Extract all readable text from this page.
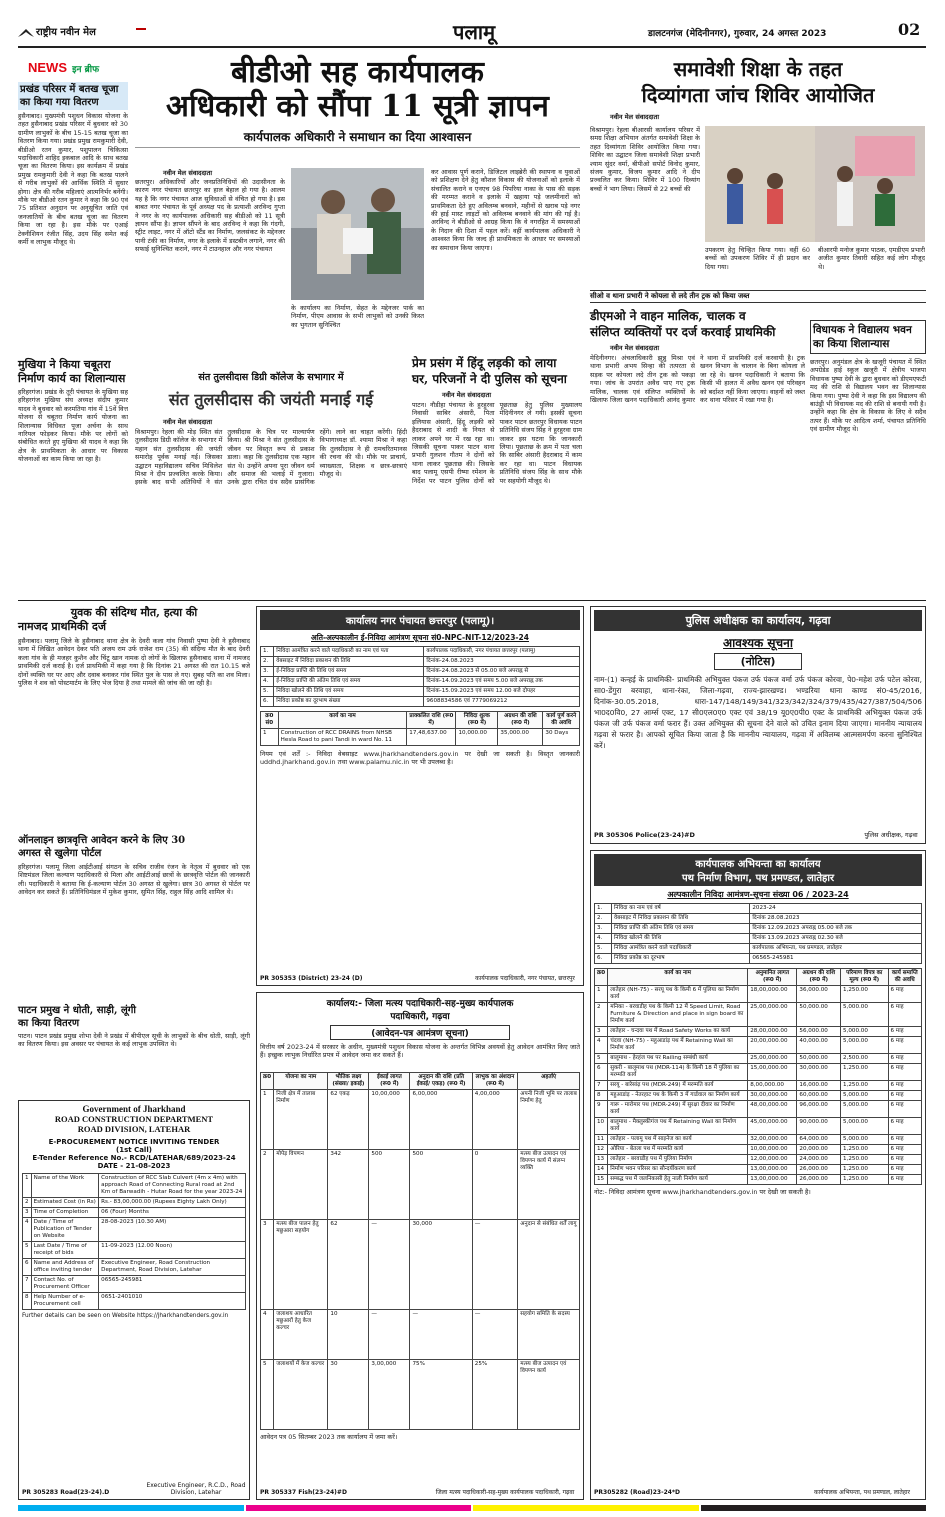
राष्ट्रीय नवीन मेल	पलामू	डालटनगंज (मेदिनीनगर), गुरुवार, 24 अगस्त 2023	02
NEWS इन ब्रीफ
प्रखंड परिसर में बतख चूजा का किया गया वितरण
हुसैनाबाद। मुख्यमंत्री पशुधन विकास योजना के तहत हुसैनाबाद प्रखंड परिसर में बुधवार को 30 ग्रामीण लाभुकों के बीच 15-15 बतख चूजा का वितरण किया गया। प्रखंड प्रमुख रामकुमारी देवी, बीडीओ रतन कुमार, पशुपालन चिकित्सा पदाधिकारी शाहिद इकबाल आदि के साथ बतख चूजा का वितरण किया। इस कार्यक्रम में प्रखंड प्रमुख रामकुमारी देवी ने कहा कि बतख पालने से गरीब लाभुकों की आर्थिक स्थिति में सुधार होगा। क्षेत्र की गरीब महिलाएं आत्मनिर्भर बनेंगी। मौके पर बीडीओ रतन कुमार ने कहा कि 90 एवं 75 प्रतिशत अनुदान पर अनुसूचित जाति एवं जनजातियों के बीच बतख चूजा का वितरण किया जा रहा है। इस मौके पर एआई टेक्नीशियन रंजीत सिंह, उदय सिंह समेत कई कर्मी व लाभुक मौजूद थे।
मुखिया ने किया चबूतरा निर्माण कार्य का शिलान्यास
हरिहरगंज। प्रखंड के तूरी पंचायत के मुखिया सह हरिहरगंज मुखिया संघ अध्यक्ष संदीप कुमार यादव ने बुधवार को करमतिया गांव में 15वें वित्त योजना से चबूतरा निर्माण कार्य योजना का शिलान्यास विधिवत पूजा अर्चना के साथ नारियल फोड़कर किया। मौके पर लोगों को संबोधित करते हुए मुखिया श्री यादव ने कहा कि क्षेत्र के प्राथमिकता के आधार पर विकास योजनाओं का काम किया जा रहा है।
बीडीओ सह कार्यपालक
अधिकारी को सौंपा 11 सूत्री ज्ञापन
कार्यपालक अधिकारी ने समाधान का दिया आश्वासन
नवीन मेल संवाददाता
छतरपुर। अधिकारियों और जनप्रतिनिधियों की उदासीनता के कारण नगर पंचायत छतरपुर का हाल बेहाल हो गया है। आलम यह है कि नगर पंचायत आज सुविधाओं से वंचित हो गया है। इस बाबत नगर पंचायत के पूर्व अध्यक्ष पद के प्रत्याशी अरविन्द गुप्ता ने नगर के नए कार्यपालक अधिकारी सह बीडीओ को 11 सूत्री ज्ञापन सौंपा है। ज्ञापन सौंपने के बाद अरविन्द ने कहा कि गंदगी, स्ट्रीट लाइट, नगर में ऑटो स्टैंड का निर्माण, जलसंकट के मद्देनजर पानी टंकी का निर्माण, नगर के इलाके में डस्टबीन लगाने, नगर की सफाई सुनिश्चित कराने, नगर में टाउनहाल और नगर पंचायत
के कार्यालय का निर्माण, सेहत के मद्देनजर पार्क का निर्माण, पीएम आवास के सभी लाभुकों को उनकी किस्त का भुगतान सुनिश्चित
कर आवास पूर्ण कराने, डिजिटल लाइब्रेरी की स्थापना व युवाओं को प्रशिक्षण देने हेतु कौशल विकास की योजनाओं को इलाके में संचालित कराने व एनएच 98 पिपरिया नाका के पास की सड़क की मरम्मत कराने व इलाके में खहाया पड़े जलमीनारों को प्राथमिकता देते हुए अविलम्ब बनवाने, महीनों से खराब पड़े नगर की हाई मास्ट लाइटों को अविलम्ब बनवाने की मांग की गई है। अरविन्द ने बीडीओ से आग्रह किया कि वे नगरहित में समस्याओं के निदान की दिशा में पहल करें। वहीं कार्यपालक अधिकारी ने आश्वस्त किया कि जल्द ही प्राथमिकता के आधार पर समस्याओं का समाधान किया जाएगा।
संत तुलसीदास डिग्री कॉलेज के सभागार में
संत तुलसीदास की जयंती मनाई गई
नवीन मेल संवाददाता
विश्रामपुर। रेहला की मोड़ स्थित संत तुलसीदास डिग्री कॉलेज के सभागार में महान संत तुलसीदास की जयंती समारोह पूर्वक मनाई गई। जिसका उद्घाटन महाविद्यालय सचिव मिथिलेश मिश्रा ने दीप प्रज्वलित करके किया। इसके बाद सभी अतिथियों ने संत तुलसीदास के चित्र पर माल्यार्पण किया। श्री मिश्रा ने संत तुलसीदास के जीवन पर विस्तृत रूप से प्रकाश डाला। कहा कि तुलसीदास एक महान संत थे। उन्होंने अपना पूरा जीवन धर्म और समाज की भलाई में गुजारा। उनके द्वारा रचित ग्रंथ सदैव प्रासंगिक रहेंगे। लाने का चाहत करेंगी। हिंदी विभागाध्यक्ष डॉ. श्यामा मिश्रा ने कहा कि तुलसीदास ने ही रामचरितमानस की रचना की थी। मौके पर प्राचार्य, व्याख्याता, शिक्षक व छात्र-छात्राएं मौजूद थे।
प्रेम प्रसंग में हिंदू लड़की को लाया
घर, परिजनों ने दी पुलिस को सूचना
नवीन मेल संवाददाता
पाटन। नौडीहा पंचायत के हुरहुरवा निवासी साबिर अंसारी, पिता इलियास अंसारी, हिंदू लड़की को हैदराबाद से शादी के नियत से लाकर अपने घर में रख रहा था। जिसकी सूचना पाकर पाटन थाना प्रभारी गुलशन गौतम ने दोनों को थाना लाकर पूछताछ की। जिसके बाद पलामू एसपी रीष्मा रमेशन के निर्देश पर पाटन पुलिस दोनों को पूछताछ हेतु पुलिस मुख्यालय मेदिनीनगर ले गयी। इसकी सूचना पाकर पाटन छतरपुर विधायक पाटन प्रतिनिधि संजय सिंह ने हुरहुरवा ग्राम जाकर इस घटना कि जानकारी लिया। पूछताछ के क्रम में पता चला कि साबिर अंसारी हैदराबाद में काम कर रहा था। पाटन विधायक प्रतिनिधि संजय सिंह के साथ मौके पर सहयोगी मौजूद थे।
समावेशी शिक्षा के तहत
दिव्यांगता जांच शिविर आयोजित
नवीन मेल संवाददाता
विश्रामपुर। रेहला बीआरसी कार्यालय परिसर में समग्र शिक्षा अभियान अंतर्गत समावेशी शिक्षा के तहत दिव्यांगता शिविर आयोजित किया गया। शिविर का उद्घाटन जिला समावेशी शिक्षा प्रभारी श्याम सुंदर वर्मा, बीपीओ सपोर्ट विनोद कुमार, संजय कुमार, विजय कुमार आदि ने दीप प्रज्वलित कर किया। शिविर में 100 दिव्यांग बच्चों ने भाग लिया। जिसमें से 22 बच्चों की
उपकरण हेतु चिन्हित किया गया। वहीं 60 बच्चों को उपकरण शिविर में ही प्रदान कर दिया गया।
बीआरपी मनोज कुमार पाठक, एमडीएम प्रभारी अजीत कुमार तिवारी सहित कई लोग मौजूद थे।
सीओ व थाना प्रभारी ने कोयला से लदे तीन ट्रक को किया जब्त
डीएमओ ने वाहन मालिक, चालक व
संलिप्त व्यक्तियों पर दर्ज करवाई प्राथमिकी
नवीन मेल संवाददाता
मेदिनीनगर। अंचलाधिकारी झुन्नु मिश्रा एवं थाना प्रभारी अभय सिन्हा की तत्परता से सड़क पर कोयला लदे तीन ट्रक को पकड़ा गया। जांच के उपरांत अवैध पाए गए ट्रक मालिक, चालक एवं संलिप्त व्यक्तियों के खिलाफ जिला खनन पदाधिकारी आनंद कुमार ने थाना में प्राथमिकी दर्ज करवायी है। ट्रक खनन विभाग के चालान के बिना कोयला ले जा रहे थे। खनन पदाधिकारी ने बताया कि किसी भी हालत में अवैध खनन एवं परिवहन को बर्दाश्त नहीं किया जाएगा। वाहनों को जब्त कर थाना परिसर में रखा गया है।
विधायक ने विद्यालय भवन का किया शिलान्यास
छतरपुर। अनुमंडल क्षेत्र के खजूरी पंचायत में स्थित अपग्रेडेड हाई स्कूल खजूरी में क्षेत्रीय भाजपा विधायक पुष्पा देवी के द्वारा बुधवार को डीएमएफटी मद की राशि से विद्यालय भवन का शिलान्यास किया गया। पुष्पा देवी ने कहा कि इस विद्यालय की बाउंड्री भी विधायक मद की राशि से बनायी गयी है। उन्होंने कहा कि क्षेत्र के विकास के लिए वे सदैव तत्पर हैं। मौके पर आदित्य शर्मा, पंचायत प्रतिनिधि एवं ग्रामीण मौजूद थे।
युवक की संदिग्ध मौत, हत्या की
नामजद प्राथमिकी दर्ज
हुसैनाबाद। पलामू जिले के हुसैनाबाद थाना क्षेत्र के देवरी कला गांव निवासी पुष्पा देवी ने हुसैनाबाद थाना में लिखित आवेदन देकर पति अजय राम उर्फ राजेश राम (35) की संदिग्ध मौत के बाद देवरी कला गांव के ही मजहर कुशैन और चिंटू खान नामक दो लोगों के खिलाफ हुसैनाबाद थाना में नामजद प्राथमिकी दर्ज कराई है। दर्ज प्राथमिकी में कहा गया है कि दिनांक 21 अगस्त की रात 10.15 बजे दोनों व्यक्ति घर पर आए और दवाब बनाकर गांव स्थित पुल के पास ले गए। सुबह पति का शव मिला। पुलिस ने शव को पोस्टमार्टम के लिए भेज दिया है तथा मामले की जांच की जा रही है।
ऑनलाइन छात्रवृत्ति आवेदन करने के लिए 30
अगस्त से खुलेगा पोर्टल
हरिहरगंज। पलामू जिला आईटीआई संगठन के सचिव राजीव रंजन के नेतृत्व में बुधवार को एक शिष्टमंडल जिला कल्याण पदाधिकारी से मिला और आईटीआई छात्रों के छात्रवृत्ति पोर्टल की जानकारी ली। पदाधिकारी ने बताया कि ई-कल्याण पोर्टल 30 अगस्त से खुलेगा। छात्र 30 अगस्त से पोर्टल पर आवेदन कर सकते हैं। प्रतिनिधिमंडल में मुकेश कुमार, सुमित सिंह, राहुल सिंह आदि शामिल थे।
पाटन प्रमुख ने धोती, साड़ी, लूंगी
का किया वितरण
पाटन। पाटन प्रखंड प्रमुख शोभा देवी ने प्रखंड में बीपीएल सूची के लाभुकों के बीच धोती, साड़ी, लूंगी का वितरण किया। इस अवसर पर पंचायत के कई लाभुक उपस्थित थे।
Government of Jharkhand
ROAD CONSTRUCTION DEPARTMENT
ROAD DIVISION, LATEHAR
E-PROCUREMENT NOTICE INVITING TENDER
(1st Call)
E-Tender Reference No.- RCD/LATEHAR/689/2023-24
DATE - 21-08-2023
1	Name of the Work	Construction of RCC Slab Culvert (4m x 4m) with approach Road of Connecting Rural road at 2nd Km of Barwadih - Hutar Road for the year 2023-24
2	Estimated Cost (in Rs)	Rs.- 83,00,000.00 (Rupees Eighty Lakh Only)
3	Time of Completion	06 (Four) Months
4	Date / Time of Publication of Tender on Website	28-08-2023 (10.30 AM)
5	Last Date / Time of receipt of bids	11-09-2023 (12.00 Noon)
6	Name and Address of office inviting tender	Executive Engineer, Road Construction Department, Road Division, Latehar
7	Contact No. of Procurement Officer	06565-245981
8	Help Number of e-Procurement cell	0651-2401010
Further details can be seen on Website https://jharkhandtenders.gov.in
PR 305283 Road(23-24).D
Executive Engineer, R.C.D., Road Division, Latehar
कार्यालय नगर पंचायत छत्तरपुर (पलामू)।
अति-अल्पकालीन ई-निविदा आमंत्रण सूचना सं0-NPC-NIT-12/2023-24
1.	निविदा आमंत्रित करने वाले पदाधिकारी का नाम एवं पता	कार्यपालक पदाधिकारी, नगर पंचायत छत्तरपुर (पलामू)
2.	वेबसाइट में निविदा प्रकाशन की तिथि	दिनांक-24.08.2023
3.	ई-निविदा प्राप्ति की तिथि एवं समय	दिनांक-24.08.2023 से 05.00 बजे अपराह्न से
4.	ई-निविदा प्राप्ति की अंतिम तिथि एवं समय	दिनांक-14.09.2023 एवं समय 5.00 बजे अपराह्न तक
5.	निविदा खोलने की तिथि एवं समय	दिनांक-15.09.2023 एवं समय 12.00 बजे दोपहर
6.	निविदा प्रकोष्ठ का दूरभाष संख्या	9608834586 एवं 7779069212
क्र0 सं0	कार्य का नाम	प्राक्कलित राशि (रू0 में)	निविदा शुल्क (रू0 में)	अग्रधन की राशि (रू0 में)	कार्य पूर्ण करने की अवधि
1	Construction of RCC DRAINS from NHSB Hesla Road to pani Tandi in ward No. 11	17,48,637.00	10,000.00	35,000.00	30 Days
नियम एवं शर्तें :- निविदा वेबसाइट www.jharkhandtenders.gov.in पर देखी जा सकती है। विस्तृत जानकारी uddhd.jharkhand.gov.in तथा www.palamu.nic.in पर भी उपलब्ध है।
PR 305353 (District) 23-24 (D)	कार्यपालक पदाधिकारी, नगर पंचायत, छत्तरपुर
कार्यालय:- जिला मत्स्य पदाधिकारी-सह-मुख्य कार्यपालक
पदाधिकारी, गढ़वा
(आवेदन-पत्र आमंत्रण सूचना)
वित्तीय वर्ष 2023-24 में सरकार के अधीन, मुख्यमंत्री पशुधन विकास योजना के अन्तर्गत विभिन्न अवयवों हेतु आवेदन आमंत्रित किए जाते हैं। इच्छुक लाभुक निर्धारित प्रपत्र में आवेदन जमा कर सकते हैं।
क्र0	योजना का नाम	भौतिक लक्ष्य (संख्या/ इकाई)	ईकाई लागत (रू0 में)	अनुदान की राशि (प्रति ईकाई/ एकड़) (रू0 में)	लाभुक का अंशदान (रू0 में)	अहर्ताएं
1	निजी क्षेत्र में तालाब निर्माण	62 एकड़	10,00,000	6,00,000	4,00,000	अपनी निजी भूमि पर तालाब निर्माण हेतु
2	मोपेड़ विपणन	342	500	500	0	मत्स्य बीज उत्पादन एवं विपणन कार्य में संलग्न व्यक्ति
3	मत्स्य बीज पालन हेतु मछुआरा सहयोग	62	—	30,000	—	अनुदान से संबंधित शर्तें लागू
4	जलाशय आधारित मछुआरों हेतु केज कल्चर	10	—	—	—	सहयोग समिति के सदस्य
5	जलाशयों में केज कल्चर	30	3,00,000	75%	25%	मत्स्य बीज उत्पादन एवं विपणन कार्य
आवेदन पत्र 05 सितम्बर 2023 तक कार्यालय में जमा करें।
PR 305337 Fish(23-24)#D	जिला मत्स्य पदाधिकारी-सह-मुख्य कार्यपालक पदाधिकारी, गढ़वा
पुलिस अधीक्षक का कार्यालय, गढ़वा
आवश्यक सूचना
(नोटिस)
नाम-(1) कन्हई के प्राथमिकी- प्राथमिकी अभियुक्त पंकज उर्फ पंकज वर्मा उर्फ पंकज कोरवा, पे0-महेश उर्फ पटेल कोरवा, सा0-डेंगुरा बरवाहा, थाना-रंका, जिला-गढ़वा, राज्य-झारखण्ड। भण्डरिया थाना काण्ड सं0-45/2016, दिनांक-30.05.2018, धारा-147/148/149/341/323/342/324/379/435/427/387/504/506 भा0द0वि0, 27 आर्म्स एक्ट, 17 सी0एल0ए0 एक्ट एवं 38/19 यू0ए0पी0 एक्ट के प्राथमिकी अभियुक्त पंकज उर्फ पंकज जी उर्फ पंकज वर्मा फरार हैं। उक्त अभियुक्त की सूचना देने वाले को उचित इनाम दिया जाएगा। माननीय न्यायालय गढ़वा से फरार है। आपको सूचित किया जाता है कि माननीय न्यायालय, गढ़वा में अविलम्ब आत्मसमर्पण करना सुनिश्चित करें।
PR 305306 Police(23-24)#D	पुलिस अधीक्षक, गढ़वा
कार्यपालक अभियन्ता का कार्यालय
पथ निर्माण विभाग, पथ प्रमण्डल, लातेहार
अल्पकालीन निविदा आमंत्रण-सूचना संख्या 06 / 2023-24
1.	निविदा का नाम एवं वर्ष	2023-24
2.	वेबसाइट में निविदा प्रकाशन की तिथि	दिनांक 28.08.2023
3.	निविदा प्राप्ति की अंतिम तिथि एवं समय	दिनांक 12.09.2023 अपराह्न 05.00 बजे तक
4.	निविदा खोलने की तिथि	दिनांक 13.09.2023 अपराह्न 02.30 बजे
5.	निविदा आमंत्रित करने वाले पदाधिकारी	कार्यपालक अभियन्ता, पथ प्रमण्डल, लातेहार
6.	निविदा प्रकोष्ठ का दूरभाष	06565-245981
क्र0	कार्य का नाम	अनुमानित लागत (रू0 में)	अग्रधन की राशि (रू0 में)	परिमाण विपत्र का मूल्य (रू0 में)	कार्य समाप्ति की अवधि
1	लातेहार (NH-75) - सरयू पथ के किमी 6 में पुलिया का निर्माण कार्य	18,00,000.00	36,000.00	1,250.00	6 माह
2	मनिका - बरवाडीह पथ के किमी 12 में Speed Limit, Road Furniture & Direction and place in sign board का निर्माण कार्य	25,00,000.00	50,000.00	5,000.00	6 माह
3	लातेहार - चन्दवा पथ में Road Safety Works का कार्य	28,00,000.00	56,000.00	5,000.00	6 माह
4	चंदवा (NH-75) - महुआडांड़ पथ में Retaining Wall का निर्माण कार्य	20,00,000.00	40,000.00	5,000.00	6 माह
5	बालूमाथ - हेरहंज पथ पर Railing सम्बंधी कार्य	25,00,000.00	50,000.00	2,500.00	6 माह
6	सुकरी - बालूमाथ पथ (MDR-114) के किमी 18 में पुलिया का मरम्मति कार्य	15,00,000.00	30,000.00	1,250.00	6 माह
7	सरयू - बारेसांढ़ पथ (MDR-249) में मरम्मति कार्य	8,00,000.00	16,000.00	1,250.00	6 माह
8	महुआडांड़ - नेतरहाट पथ के किमी 3 में गार्डवाल का निर्माण कार्य	30,00,000.00	60,000.00	5,000.00	6 माह
9	गारू - मारोमार पथ (MDR-249) में सुरक्षा दीवार का निर्माण कार्य	48,00,000.00	96,000.00	5,000.00	6 माह
10	बालूमाथ - मैक्लुस्कीगंज पथ में Retaining Wall का निर्माण कार्य	45,00,000.00	90,000.00	5,000.00	6 माह
11	लातेहार - पलामू पथ में साइनेज का कार्य	32,00,000.00	64,000.00	5,000.00	6 माह
12	ओरिया - बेतला पथ में मरम्मति कार्य	10,00,000.00	20,000.00	1,250.00	6 माह
13	लातेहार - बरवाडीह पथ में पुलिया निर्माण	12,00,000.00	24,000.00	1,250.00	6 माह
14	निर्माण भवन परिसर का सौन्दर्यीकरण कार्य	13,00,000.00	26,000.00	1,250.00	6 माह
15	सम्बद्ध पथ में जलनिकासी हेतु नाली निर्माण कार्य	13,00,000.00	26,000.00	1,250.00	6 माह
नोट:- निविदा आमंत्रण सूचना www.jharkhandtenders.gov.in पर देखी जा सकती है।
PR305282 (Road)23-24*D	कार्यपालक अभियन्ता, पथ प्रमण्डल, लातेहार
